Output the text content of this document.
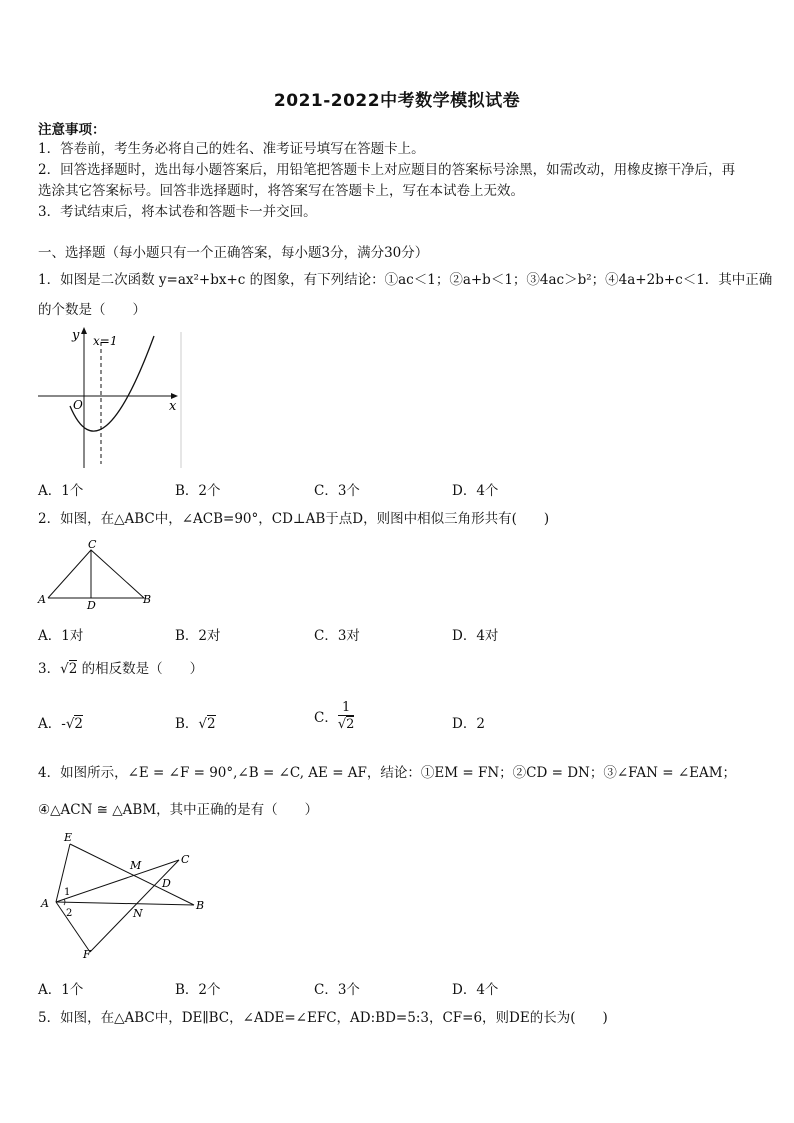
2021-2022中考数学模拟试卷
注意事项：
1．答卷前，考生务必将自己的姓名、准考证号填写在答题卡上。
2．回答选择题时，选出每小题答案后，用铅笔把答题卡上对应题目的答案标号涂黑，如需改动，用橡皮擦干净后，再
选涂其它答案标号。回答非选择题时，将答案写在答题卡上，写在本试卷上无效。
3．考试结束后，将本试卷和答题卡一并交回。
一、选择题（每小题只有一个正确答案，每小题3分，满分30分）
1．如图是二次函数 y=ax²+bx+c 的图象，有下列结论：①ac＜1；②a+b＜1；③4ac＞b²；④4a+2b+c＜1．其中正确
的个数是（　　）
y
x
O
x=1
A．1个	B．2个	C．3个	D．4个
2．如图，在△ABC中，∠ACB=90°，CD⊥AB于点D，则图中相似三角形共有(　　)
C
A	D	B
A．1对	B．2对	C．3对	D．4对
3．√2 的相反数是（　　）
A．-√2	B．√2	C． $\frac{1}{√2}$	D．2
4．如图所示，∠E = ∠F = 90°,∠B = ∠C, AE = AF，结论：①EM = FN；②CD = DN；③∠FAN = ∠EAM；
④△ACN ≅ △ABM，其中正确的是有（　　）
E
M	C
D
A
N
B
F
1
2
A．1个	B．2个	C．3个	D．4个
5．如图，在△ABC中，DE∥BC，∠ADE=∠EFC，AD:BD=5:3，CF=6，则DE的长为(　　)
